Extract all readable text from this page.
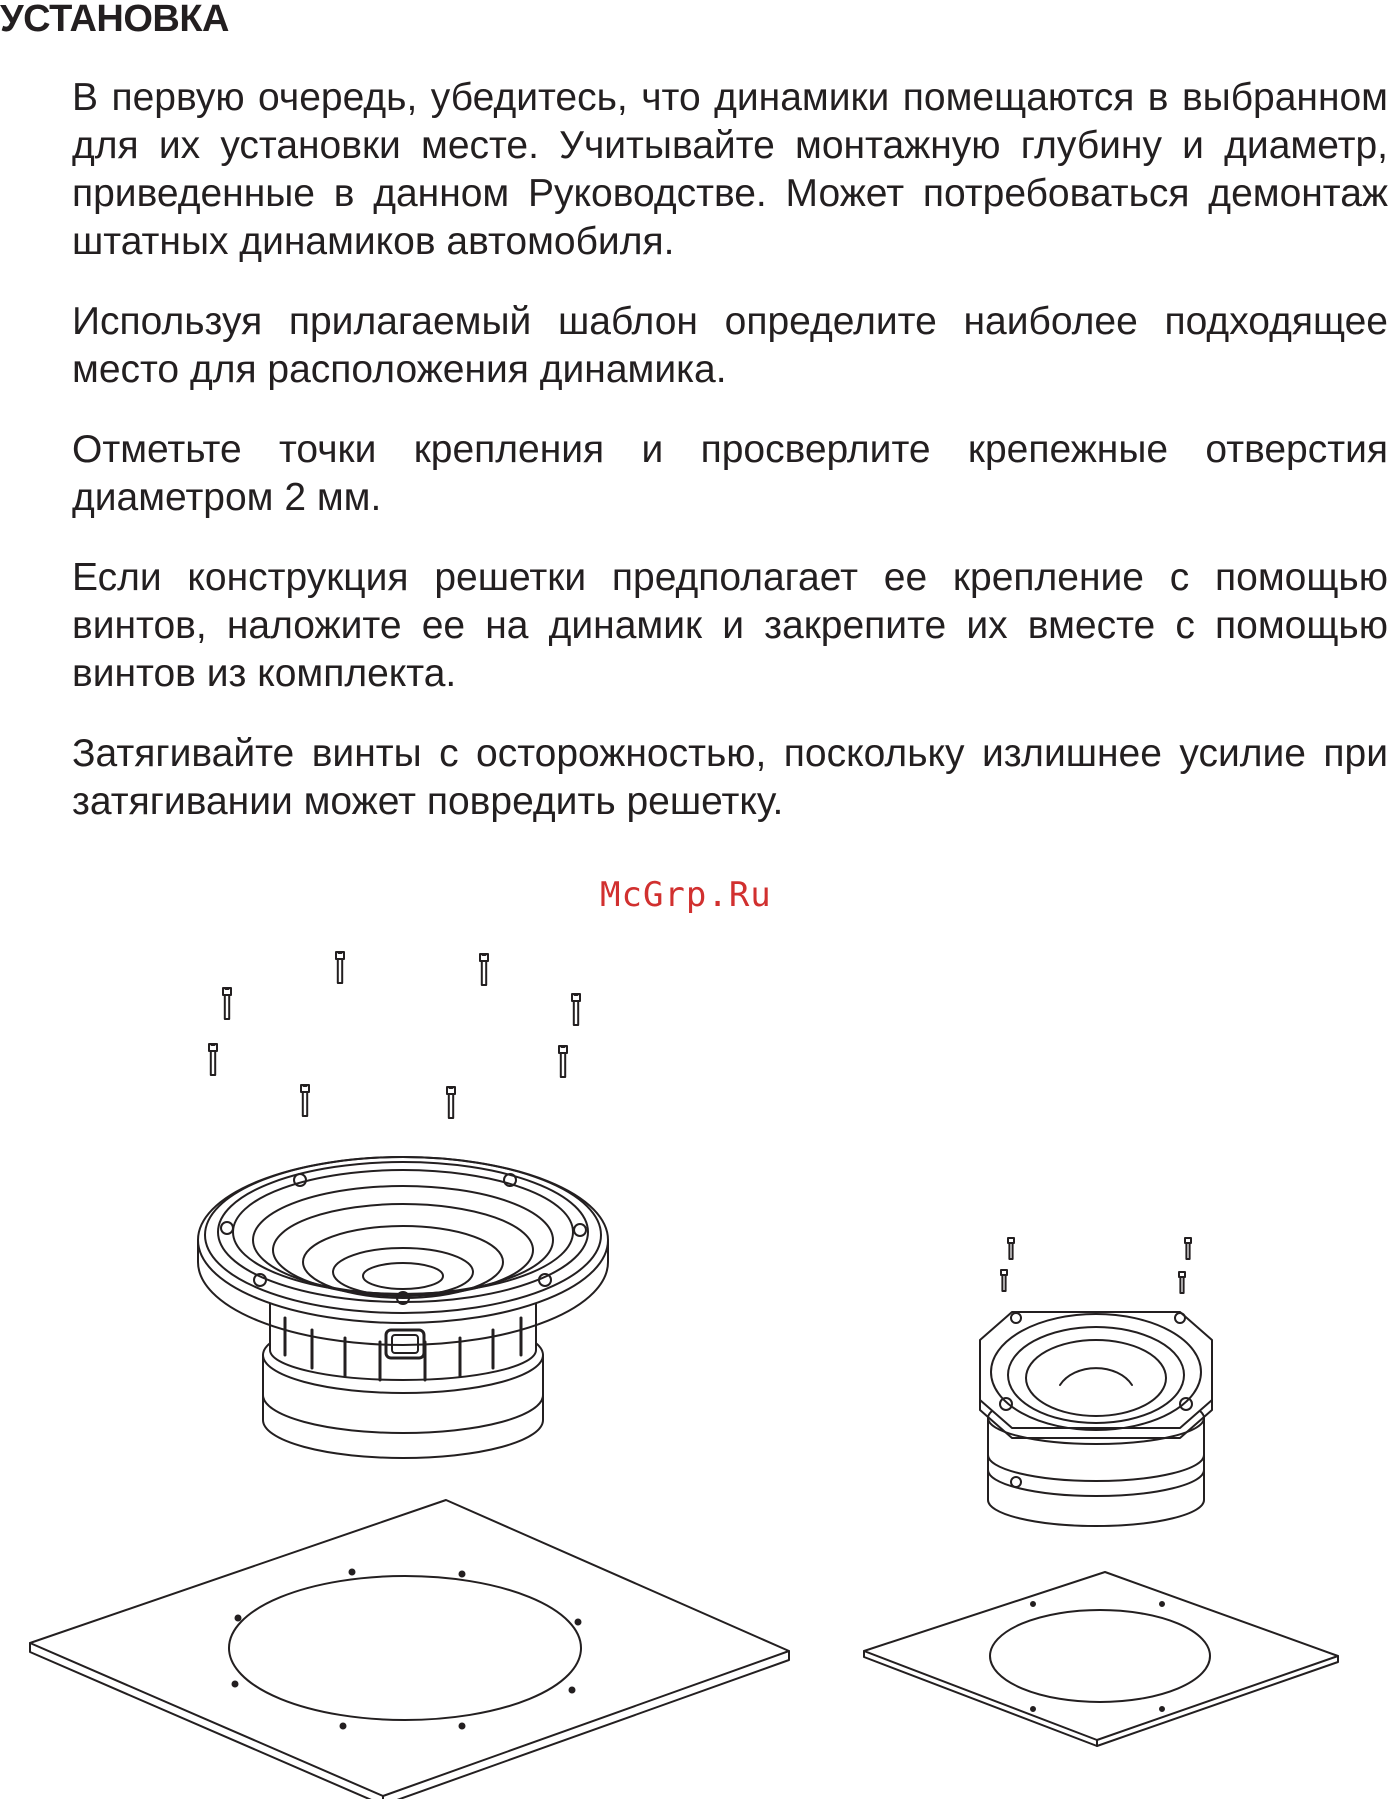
УСТАНОВКА

В первую очередь, убедитесь, что динамики помещаются в выбранном для их установки месте. Учитывайте монтажную глубину и диаметр, приведенные в данном Руководстве. Может потребоваться демонтаж штатных динамиков автомобиля.

Используя прилагаемый шаблон определите наиболее подходящее место для расположения динамика.

Отметьте точки крепления и просверлите крепежные отверстия диаметром 2 мм.

Если конструкция решетки предполагает ее крепление с помощью винтов, наложите ее на динамик и закрепите их вместе с помощью винтов из комплекта.

Затягивайте винты с осторожностью, поскольку излишнее усилие при затягивании может повредить решетку.

McGrp.Ru
